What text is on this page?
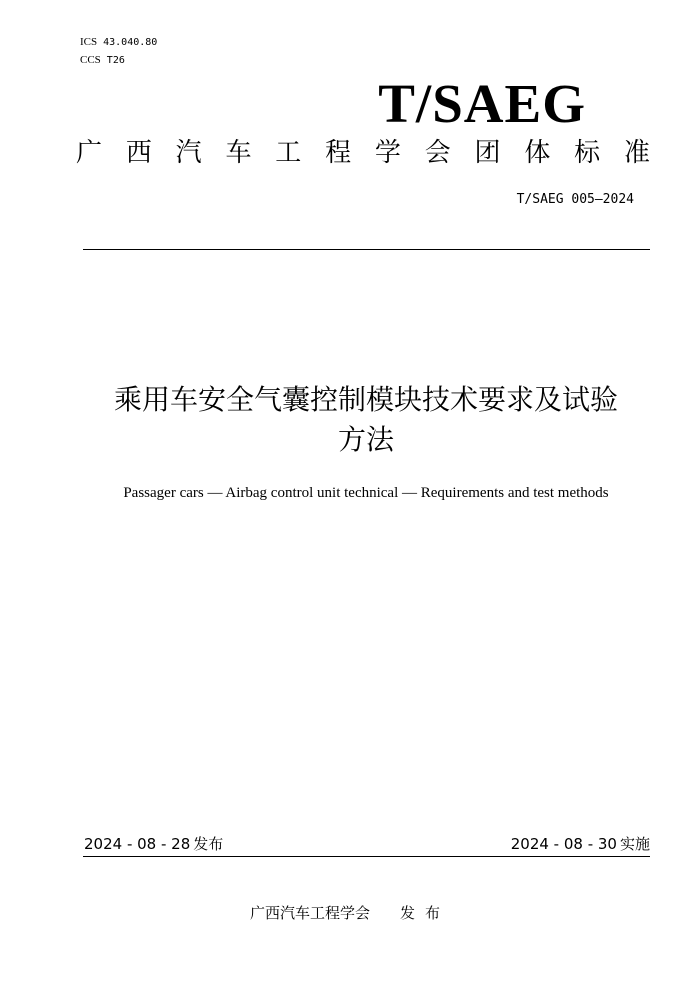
ICS 43.040.80
CCS T26
T/SAEG
广 西 汽 车 工 程 学 会 团 体 标 准
T/SAEG 005—2024
乘用车安全气囊控制模块技术要求及试验
方法
Passager cars — Airbag control unit technical — Requirements and test methods
2024 - 08 - 28 发布	2024 - 08 - 30 实施
广西汽车工程学会 发布
